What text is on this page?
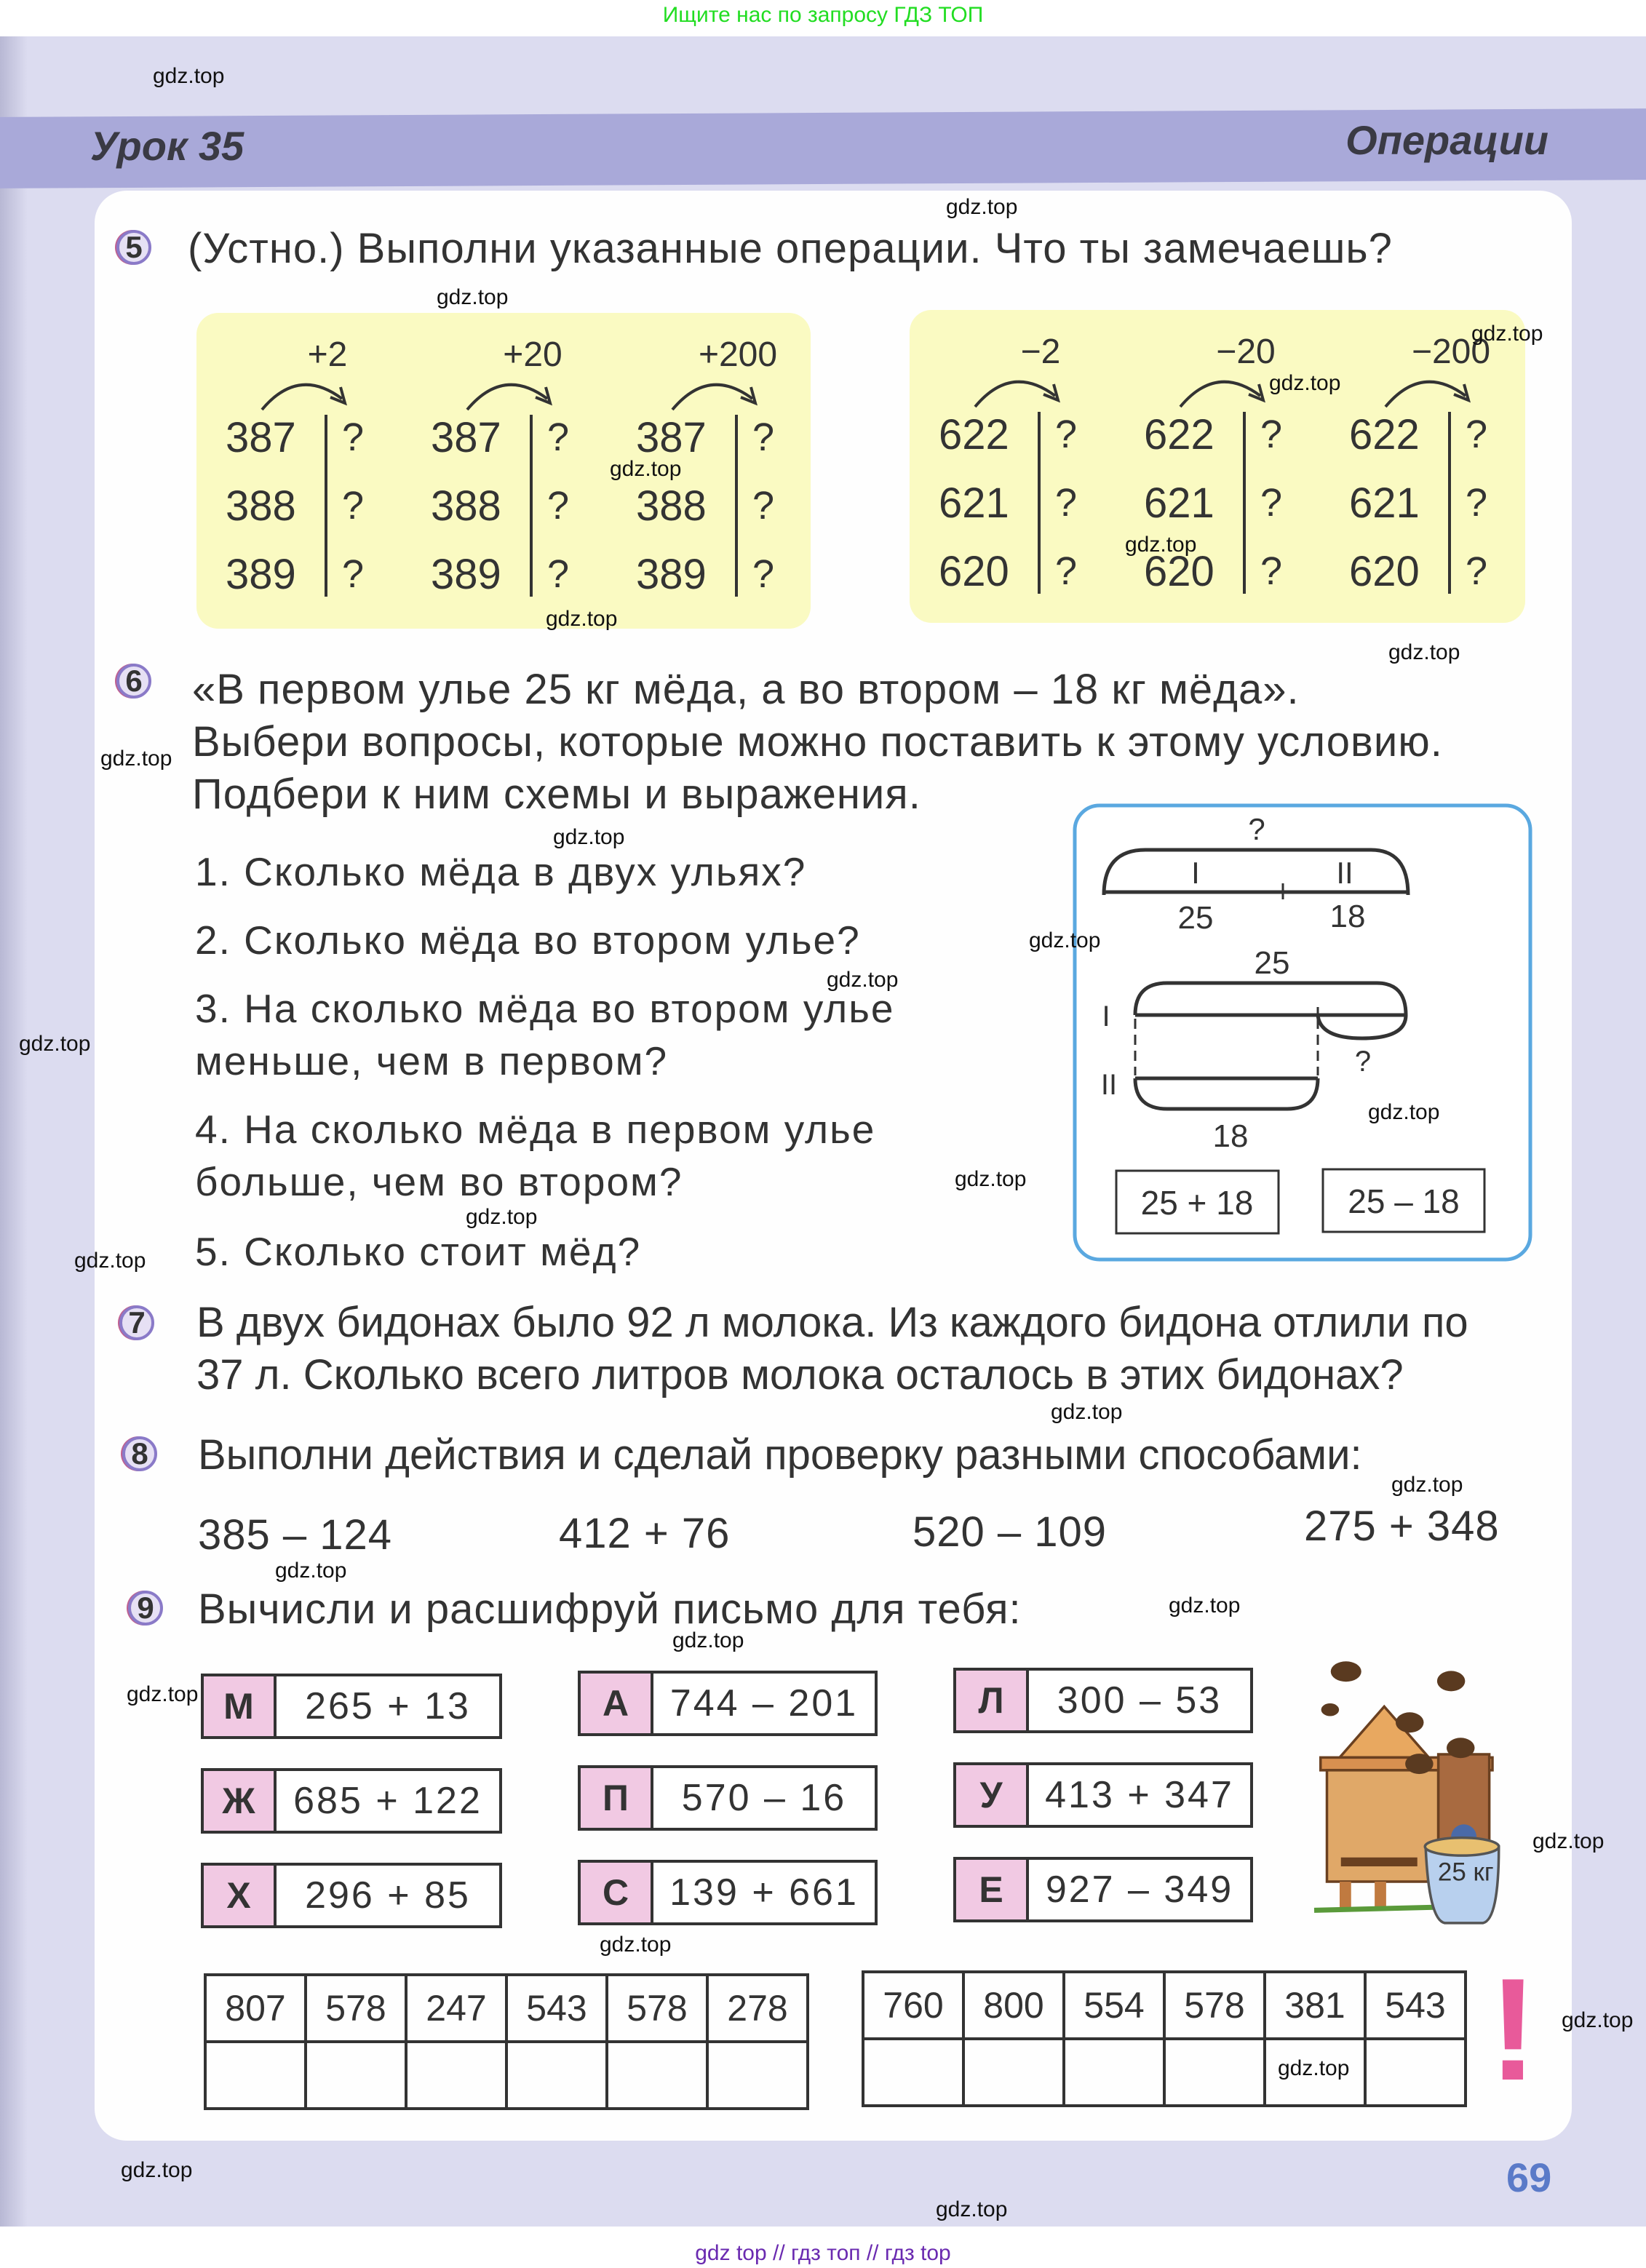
Ищите нас по запросу ГДЗ ТОП
Урок 35	Операции
5 (Устно.) Выполни указанные операции. Что ты замечаешь?
+2
387 ?
388 ?
389 ?
+20
387 ?
388 ?
389 ?
+200
387 ?
388 ?
389 ?
−2
622 ?
621 ?
620 ?
−20
622 ?
621 ?
620 ?
−200
622 ?
621 ?
620 ?
6 «В первом улье 25 кг мёда, а во втором – 18 кг мёда».
Выбери вопросы, которые можно поставить к этому условию.
Подбери к ним схемы и выражения.
1. Сколько мёда в двух ульях?
2. Сколько мёда во втором улье?
3. На сколько мёда во втором улье
меньше, чем в первом?
4. На сколько мёда в первом улье
больше, чем во втором?
5. Сколько стоит мёд?
?
I	II
25	18
25
I
II
?
18
25 + 18	25 – 18
7 В двух бидонах было 92 л молока. Из каждого бидона отлили по
37 л. Сколько всего литров молока осталось в этих бидонах?
8 Выполни действия и сделай проверку разными способами:
385 – 124	412 + 76	520 – 109	275 + 348
9 Вычисли и расшифруй письмо для тебя:
М	265 + 13	А	744 – 201	Л	300 – 53
Ж	685 + 122	П	570 – 16	У	413 + 347
Х	296 + 85	С	139 + 661	Е	927 – 349
807	578	247	543	578	278
						760	800	554	578	381	543
					!
25 кг
69
gdz top // гдз топ // гдз top
gdz.top
gdz.top
gdz.top
gdz.top
gdz.top
gdz.top
gdz.top
gdz.top
gdz.top
gdz.top
gdz.top
gdz.top
gdz.top
gdz.top
gdz.top
gdz.top
gdz.top
gdz.top
gdz.top
gdz.top
gdz.top
gdz.top
gdz.top
gdz.top
gdz.top
gdz.top
gdz.top
gdz.top
gdz.top
gdz.top
